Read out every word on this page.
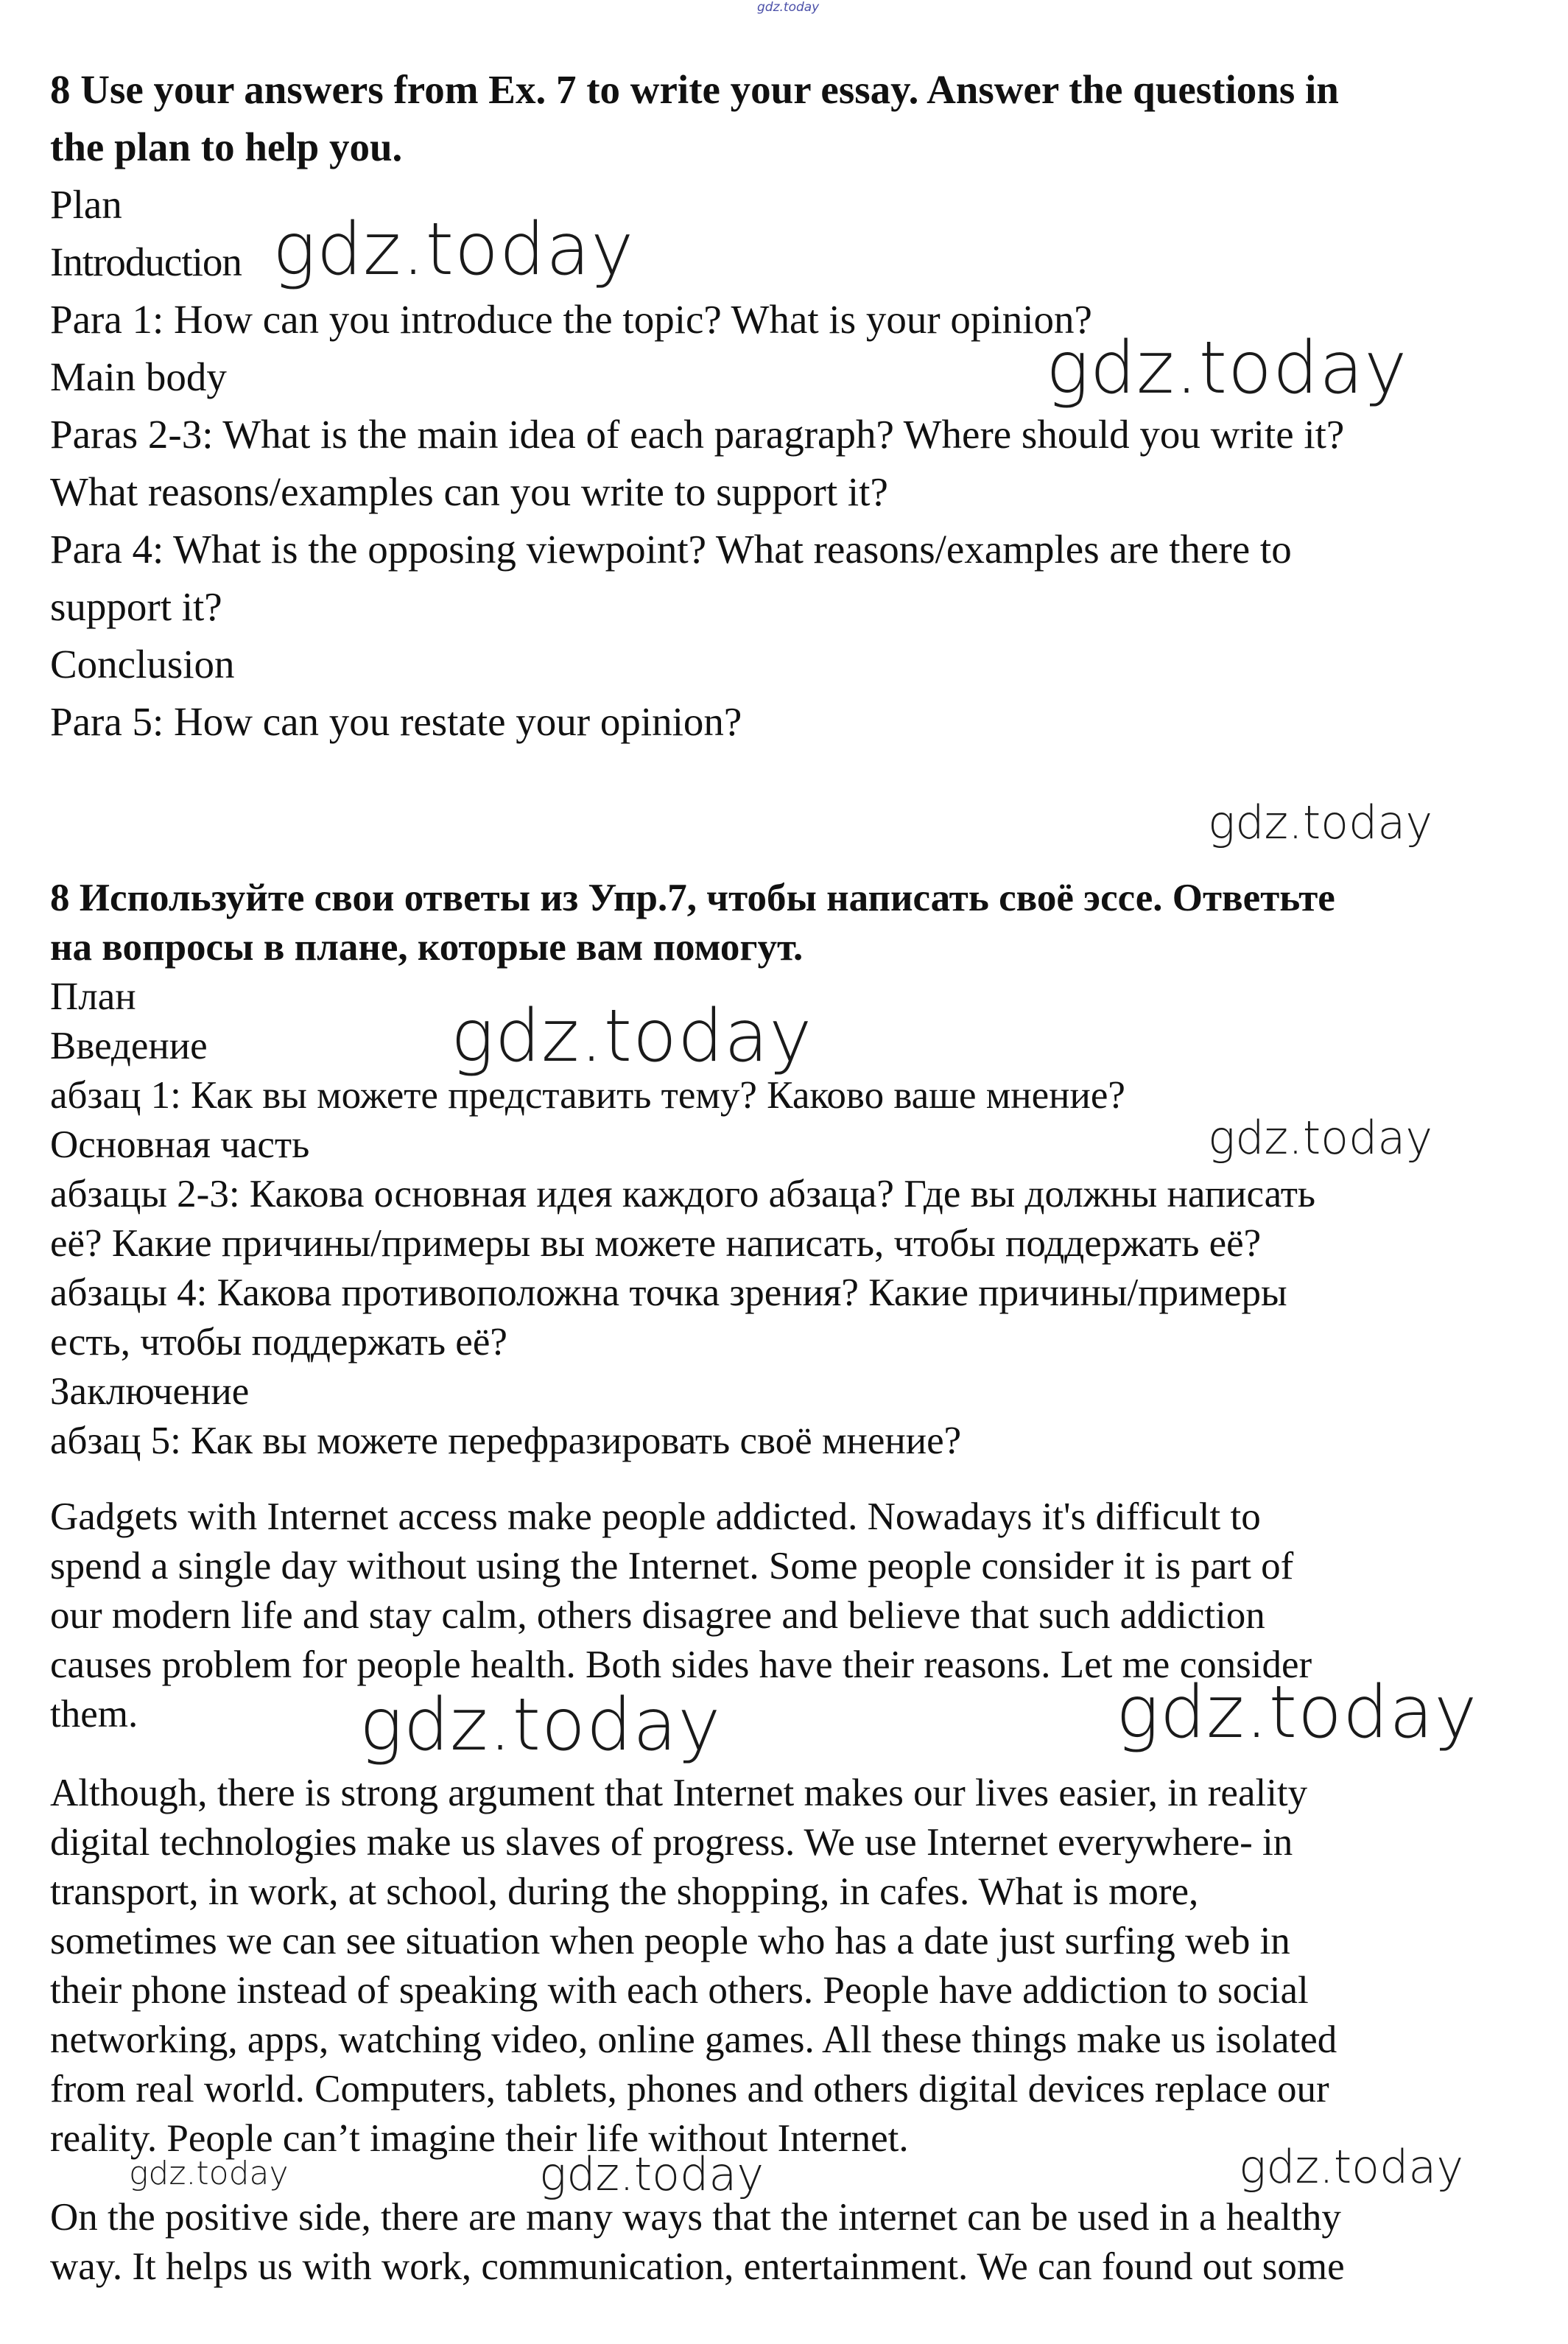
gdz.today
8 Use your answers from Ex. 7 to write your essay. Answer the questions in
the plan to help you.
Plan
Introduction
Para 1: How can you introduce the topic? What is your opinion?
Main body
Paras 2-3: What is the main idea of each paragraph? Where should you write it?
What reasons/examples can you write to support it?
Para 4: What is the opposing viewpoint? What reasons/examples are there to
support it?
Conclusion
Para 5: How can you restate your opinion?
8 Используйте свои ответы из Упр.7, чтобы написать своё эссе. Ответьте
на вопросы в плане, которые вам помогут.
План
Введение
абзац 1: Как вы можете представить тему? Каково ваше мнение?
Основная часть
абзацы 2-3: Какова основная идея каждого абзаца? Где вы должны написать
её? Какие причины/примеры вы можете написать, чтобы поддержать её?
абзацы 4: Какова противоположна точка зрения? Какие причины/примеры
есть, чтобы поддержать её?
Заключение
абзац 5: Как вы можете перефразировать своё мнение?
Gadgets with Internet access make people addicted. Nowadays it's difficult to
spend a single day without using the Internet. Some people consider it is part of
our modern life and stay calm, others disagree and believe that such addiction
causes problem for people health. Both sides have their reasons. Let me consider
them.
Although, there is strong argument that Internet makes our lives easier, in reality
digital technologies make us slaves of progress. We use Internet everywhere- in
transport, in work, at school, during the shopping, in cafes. What is more,
sometimes we can see situation when people who has a date just surfing web in
their phone instead of speaking with each others. People have addiction to social
networking, apps, watching video, online games. All these things make us isolated
from real world. Computers, tablets, phones and others digital devices replace our
reality. People can’t imagine their life without Internet.
On the positive side, there are many ways that the internet can be used in a healthy
way. It helps us with work, communication, entertainment. We can found out some
gdz.today
gdz.today
gdz.today
gdz.today
gdz.today
gdz.today	gdz.today
gdz.today	gdz.today	gdz.today
